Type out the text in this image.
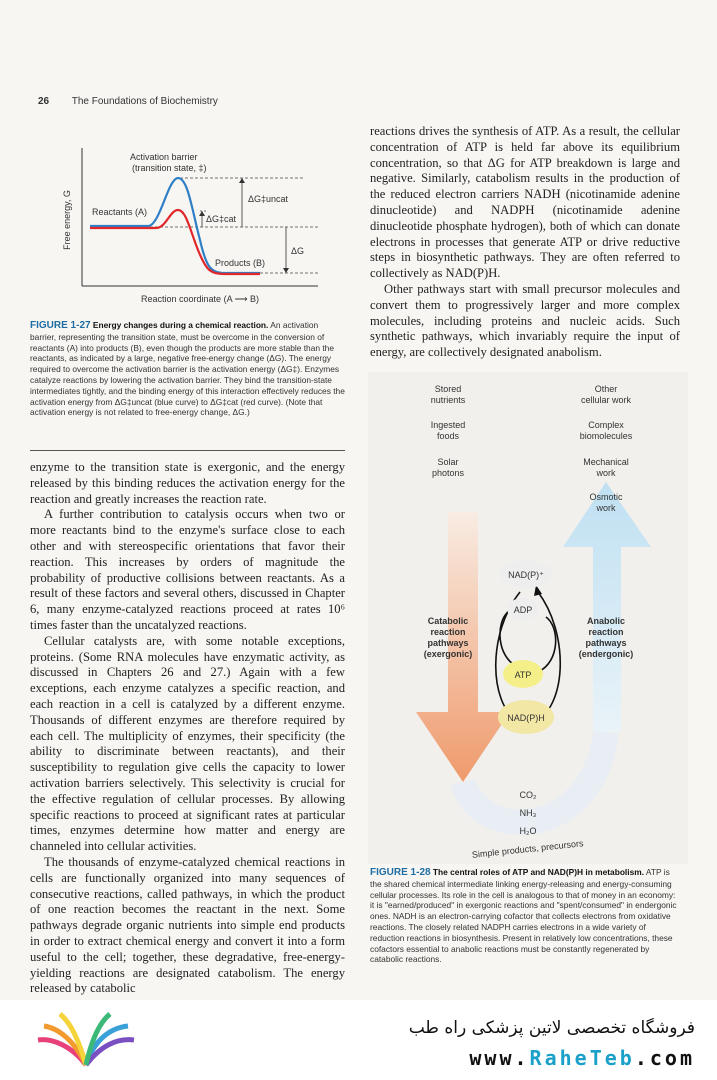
26 The Foundations of Biochemistry
Free energy, G
Activation barrier
(transition state, ‡)
Reactants (A)
Products (B)
ΔG‡uncat
ΔG‡cat
ΔG
Reaction coordinate (A ⟶ B)
FIGURE 1-27 Energy changes during a chemical reaction. An activation barrier, representing the transition state, must be overcome in the conversion of reactants (A) into products (B), even though the products are more stable than the reactants, as indicated by a large, negative free-energy change (ΔG). The energy required to overcome the activation barrier is the activation energy (ΔG‡). Enzymes catalyze reactions by lowering the activation barrier. They bind the transition-state intermediates tightly, and the binding energy of this interaction effectively reduces the activation energy from ΔG‡uncat (blue curve) to ΔG‡cat (red curve). (Note that activation energy is not related to free-energy change, ΔG.)

enzyme to the transition state is exergonic, and the energy released by this binding reduces the activation energy for the reaction and greatly increases the reaction rate.

A further contribution to catalysis occurs when two or more reactants bind to the enzyme's surface close to each other and with stereospecific orientations that favor their reaction. This increases by orders of magnitude the probability of productive collisions between reactants. As a result of these factors and several others, discussed in Chapter 6, many enzyme-catalyzed reactions proceed at rates 10⁶ times faster than the uncatalyzed reactions.

Cellular catalysts are, with some notable exceptions, proteins. (Some RNA molecules have enzymatic activity, as discussed in Chapters 26 and 27.) Again with a few exceptions, each enzyme catalyzes a specific reaction, and each reaction in a cell is catalyzed by a different enzyme. Thousands of different enzymes are therefore required by each cell. The multiplicity of enzymes, their specificity (the ability to discriminate between reactants), and their susceptibility to regulation give cells the capacity to lower activation barriers selectively. This selectivity is crucial for the effective regulation of cellular processes. By allowing specific reactions to proceed at significant rates at particular times, enzymes determine how matter and energy are channeled into cellular activities.

The thousands of enzyme-catalyzed chemical reactions in cells are functionally organized into many sequences of consecutive reactions, called pathways, in which the product of one reaction becomes the reactant in the next. Some pathways degrade organic nutrients into simple end products in order to extract chemical energy and convert it into a form useful to the cell; together, these degradative, free-energy-yielding reactions are designated catabolism. The energy released by catabolic

reactions drives the synthesis of ATP. As a result, the cellular concentration of ATP is held far above its equilibrium concentration, so that ΔG for ATP breakdown is large and negative. Similarly, catabolism results in the production of the reduced electron carriers NADH (nicotinamide adenine dinucleotide) and NADPH (nicotinamide adenine dinucleotide phosphate hydrogen), both of which can donate electrons in processes that generate ATP or drive reductive steps in biosynthetic pathways. They are often referred to collectively as NAD(P)H.

Other pathways start with small precursor molecules and convert them to progressively larger and more complex molecules, including proteins and nucleic acids. Such synthetic pathways, which invariably require the input of energy, are collectively designated anabolism.

Stored nutrients
Ingested foods
Solar photons
Other cellular work
Complex biomolecules
Mechanical work
Osmotic work
Catabolic reaction pathways (exergonic)
Anabolic reaction pathways (endergonic)
NAD(P)⁺
ADP
ATP
NAD(P)H
CO₂
NH₃
H₂O
Simple products, precursors
FIGURE 1-28 The central roles of ATP and NAD(P)H in metabolism. ATP is the shared chemical intermediate linking energy-releasing and energy-consuming cellular processes. Its role in the cell is analogous to that of money in an economy: it is "earned/produced" in exergonic reactions and "spent/consumed" in endergonic ones. NADH is an electron-carrying cofactor that collects electrons from oxidative reactions. The closely related NADPH carries electrons in a wide variety of reduction reactions in biosynthesis. Present in relatively low concentrations, these cofactors essential to anabolic reactions must be constantly regenerated by catabolic reactions.
فروشگاه تخصصی لاتین پزشکی راه طب
www.RaheTeb.com
